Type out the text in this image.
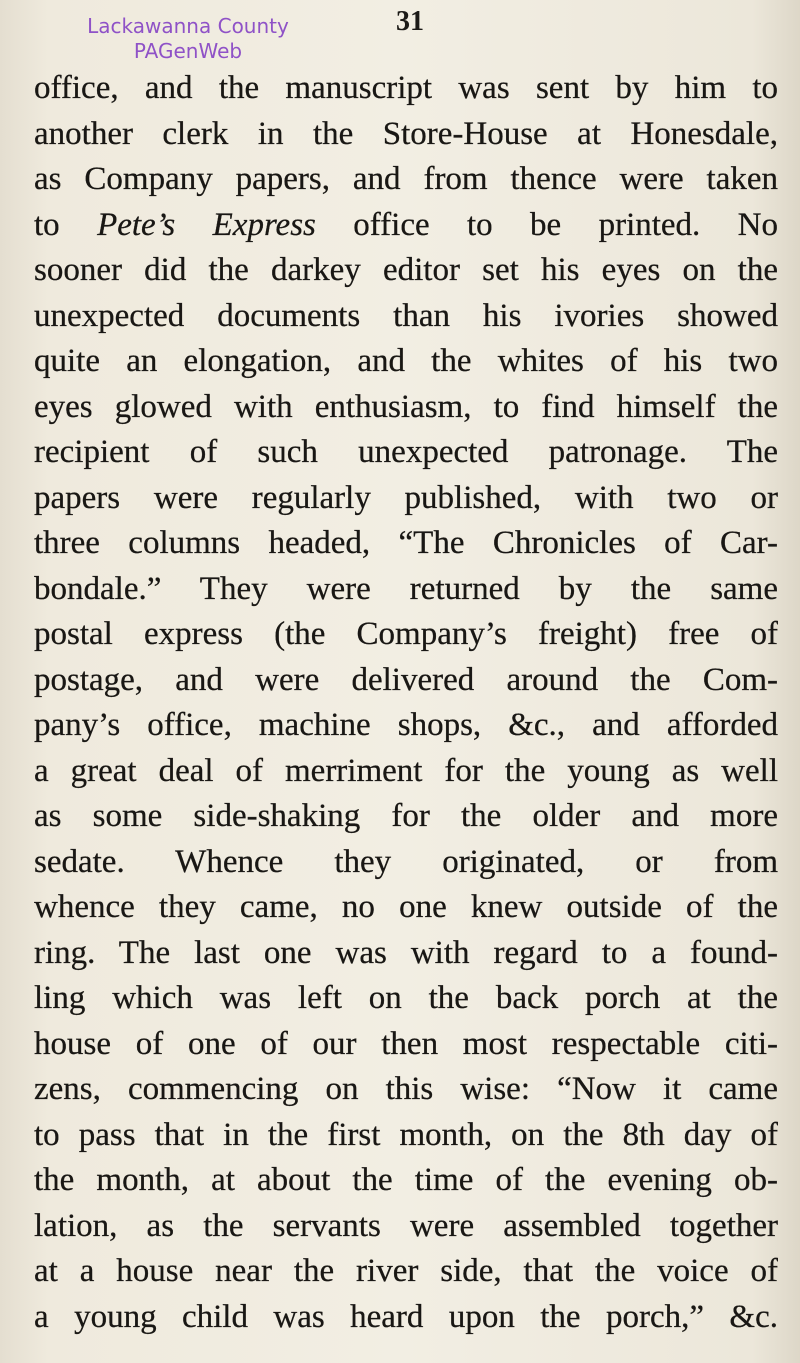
Lackawanna County
PAGenWeb
31
office, and the manuscript was sent by him to
another clerk in the Store-House at Honesdale,
as Company papers, and from thence were taken
to Pete’s Express office to be printed. No
sooner did the darkey editor set his eyes on the
unexpected documents than his ivories showed
quite an elongation, and the whites of his two
eyes glowed with enthusiasm, to find himself the
recipient of such unexpected patronage. The
papers were regularly published, with two or
three columns headed, “The Chronicles of Car-
bondale.” They were returned by the same
postal express (the Company’s freight) free of
postage, and were delivered around the Com-
pany’s office, machine shops, &c., and afforded
a great deal of merriment for the young as well
as some side-shaking for the older and more
sedate. Whence they originated, or from
whence they came, no one knew outside of the
ring. The last one was with regard to a found-
ling which was left on the back porch at the
house of one of our then most respectable citi-
zens, commencing on this wise: “Now it came
to pass that in the first month, on the 8th day of
the month, at about the time of the evening ob-
lation, as the servants were assembled together
at a house near the river side, that the voice of
a young child was heard upon the porch,” &c.
